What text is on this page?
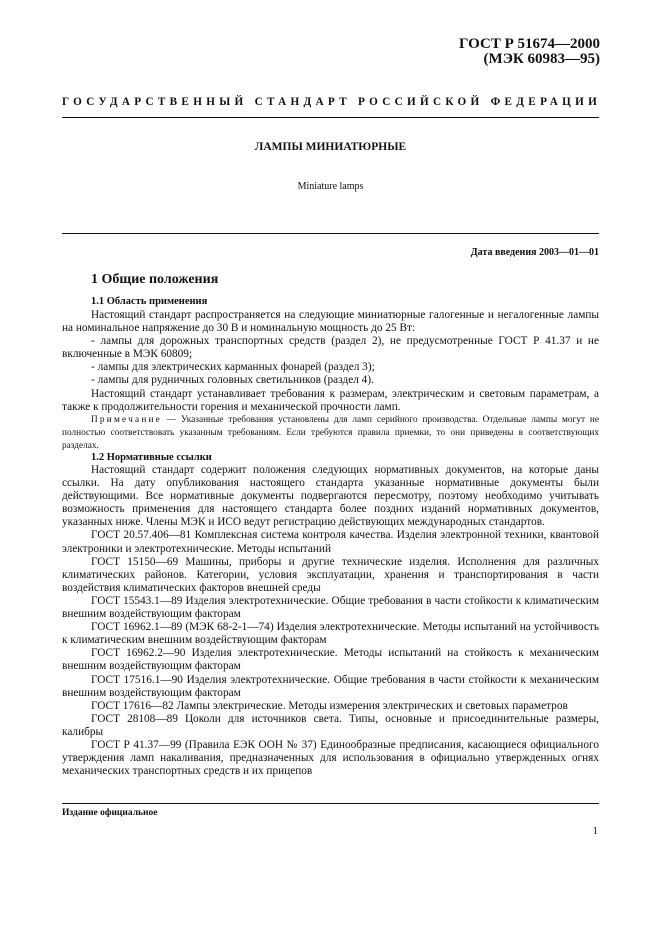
ГОСТ Р 51674—2000
(МЭК 60983—95)
ГОСУДАРСТВЕННЫЙ СТАНДАРТ РОССИЙСКОЙ ФЕДЕРАЦИИ
ЛАМПЫ МИНИАТЮРНЫЕ
Miniature lamps
Дата введения 2003—01—01
1 Общие положения
1.1 Область применения

Настоящий стандарт распространяется на следующие миниатюрные галогенные и негалогенные лампы на номинальное напряжение до 30 В и номинальную мощность до 25 Вт:

- лампы для дорожных транспортных средств (раздел 2), не предусмотренные ГОСТ Р 41.37 и не включенные в МЭК 60809;

- лампы для электрических карманных фонарей (раздел 3);

- лампы для рудничных головных светильников (раздел 4).

Настоящий стандарт устанавливает требования к размерам, электрическим и световым параметрам, а также к продолжительности горения и механической прочности ламп.

Примечание — Указанные требования установлены для ламп серийного производства. Отдельные лампы могут не полностью соответствовать указанным требованиям. Если требуются правила приемки, то они приведены в соответствующих разделах.

1.2 Нормативные ссылки

Настоящий стандарт содержит положения следующих нормативных документов, на которые даны ссылки. На дату опубликования настоящего стандарта указанные нормативные документы были действующими. Все нормативные документы подвергаются пересмотру, поэтому необходимо учитывать возможность применения для настоящего стандарта более поздних изданий нормативных документов, указанных ниже. Члены МЭК и ИСО ведут регистрацию действующих международных стандартов.

ГОСТ 20.57.406—81 Комплексная система контроля качества. Изделия электронной техники, квантовой электроники и электротехнические. Методы испытаний

ГОСТ 15150—69 Машины, приборы и другие технические изделия. Исполнения для различных климатических районов. Категории, условия эксплуатации, хранения и транспортирования в части воздействия климатических факторов внешней среды

ГОСТ 15543.1—89 Изделия электротехнические. Общие требования в части стойкости к климатическим внешним воздействующим факторам

ГОСТ 16962.1—89 (МЭК 68-2-1—74) Изделия электротехнические. Методы испытаний на устойчивость к климатическим внешним воздействующим факторам

ГОСТ 16962.2—90 Изделия электротехнические. Методы испытаний на стойкость к механическим внешним воздействующим факторам

ГОСТ 17516.1—90 Изделия электротехнические. Общие требования в части стойкости к механическим внешним воздействующим факторам

ГОСТ 17616—82 Лампы электрические. Методы измерения электрических и световых параметров

ГОСТ 28108—89 Цоколи для источников света. Типы, основные и присоединительные размеры, калибры

ГОСТ Р 41.37—99 (Правила ЕЭК ООН № 37) Единообразные предписания, касающиеся официального утверждения ламп накаливания, предназначенных для использования в официально утвержденных огнях механических транспортных средств и их прицепов

Издание официальное
1
